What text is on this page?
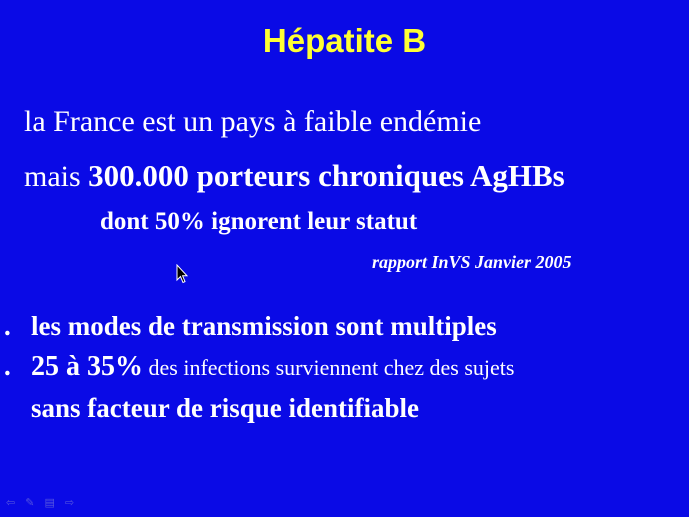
Hépatite B
la France est un pays à faible endémie
mais 300.000 porteurs chroniques AgHBs
dont 50% ignorent leur statut
rapport InVS Janvier 2005
. les modes de transmission sont multiples
. 25 à 35% des infections surviennent chez des sujets
sans facteur de risque identifiable
⇦ ✎ ▤ ⇨
